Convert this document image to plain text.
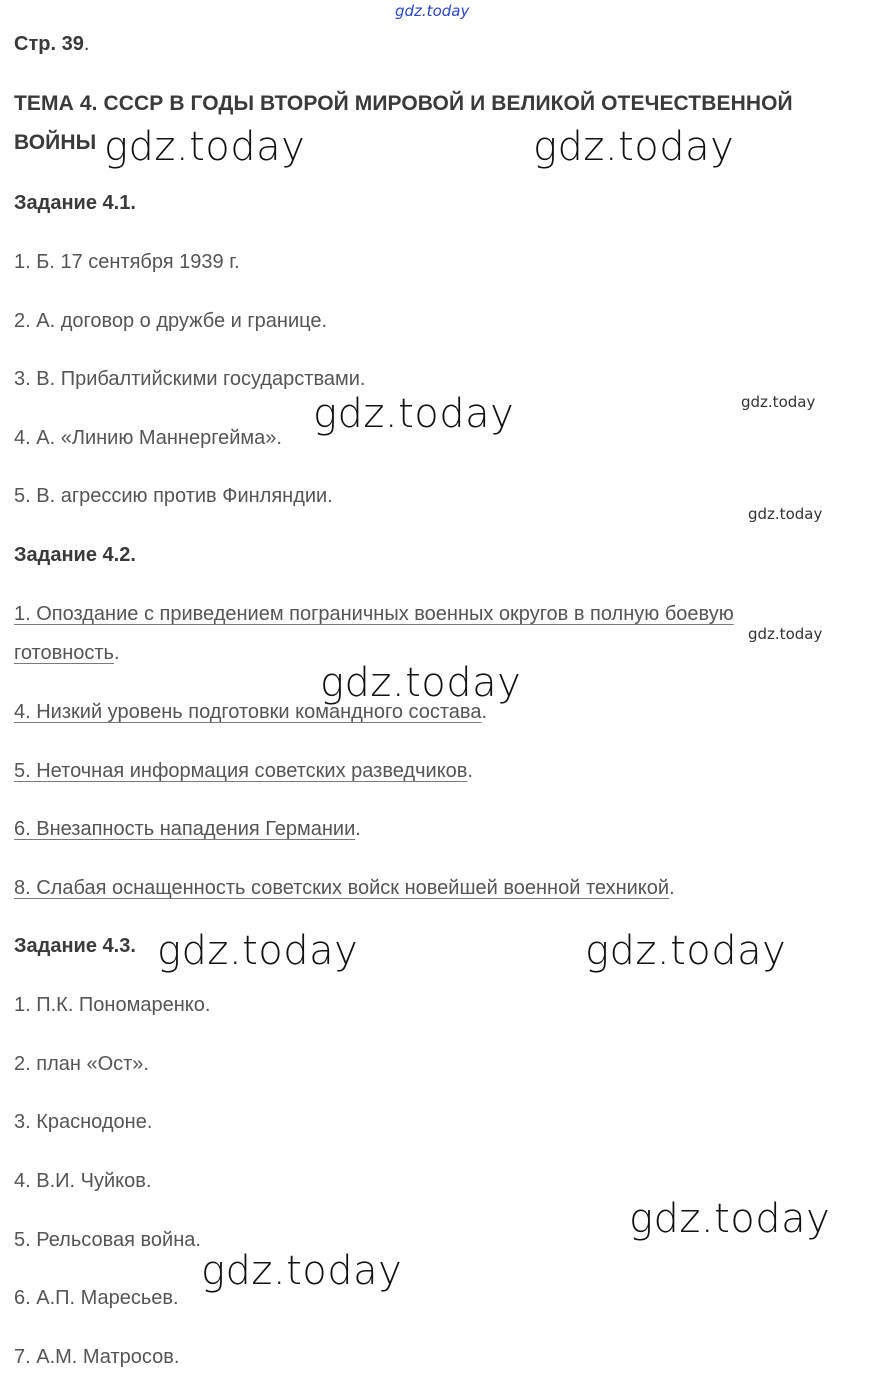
gdz.today
Стр. 39.
ТЕМА 4. СССР В ГОДЫ ВТОРОЙ МИРОВОЙ И ВЕЛИКОЙ ОТЕЧЕСТВЕННОЙ
ВОЙНЫ
Задание 4.1.
1. Б. 17 сентября 1939 г.
2. А. договор о дружбе и границе.
3. В. Прибалтийскими государствами.
4. А. «Линию Маннергейма».
5. В. агрессию против Финляндии.
Задание 4.2.
1. Опоздание с приведением пограничных военных округов в полную боевую
готовность.
4. Низкий уровень подготовки командного состава.
5. Неточная информация советских разведчиков.
6. Внезапность нападения Германии.
8. Слабая оснащенность советских войск новейшей военной техникой.
Задание 4.3.
1. П.К. Пономаренко.
2. план «Ост».
3. Краснодоне.
4. В.И. Чуйков.
5. Рельсовая война.
6. А.П. Маресьев.
7. А.М. Матросов.
gdz.today	gdz.today
gdz.today
gdz.today
gdz.today	gdz.today
gdz.today
gdz.today
gdz.today
gdz.today
gdz.today
